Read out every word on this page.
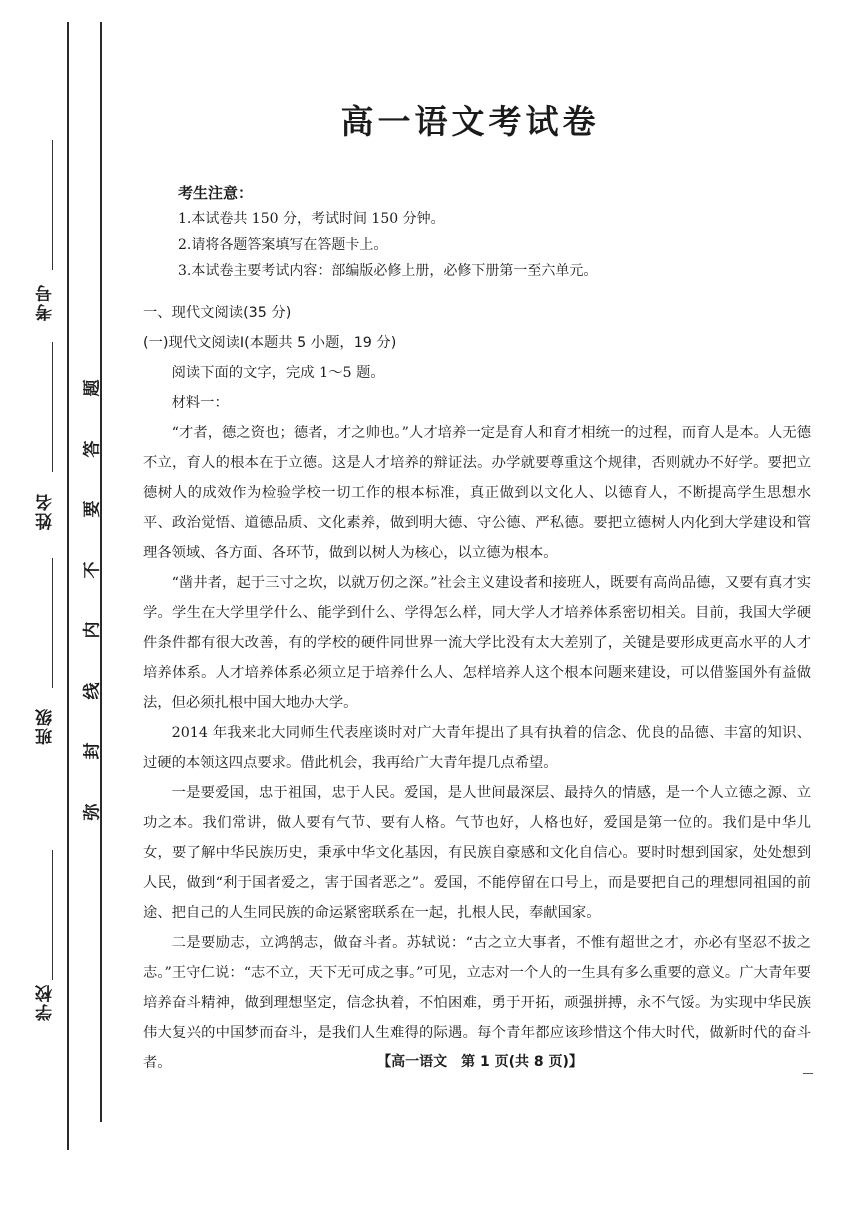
考号
姓名
班级
学校
题
答
要
不
内
线
封
弥
高一语文考试卷
考生注意：
1.本试卷共 150 分，考试时间 150 分钟。
2.请将各题答案填写在答题卡上。
3.本试卷主要考试内容：部编版必修上册，必修下册第一至六单元。

一、现代文阅读(35 分)

(一)现代文阅读Ⅰ(本题共 5 小题，19 分)

阅读下面的文字，完成 1～5 题。

材料一：

“才者，德之资也；德者，才之帅也。”人才培养一定是育人和育才相统一的过程，而育人是本。人无德不立，育人的根本在于立德。这是人才培养的辩证法。办学就要尊重这个规律，否则就办不好学。要把立德树人的成效作为检验学校一切工作的根本标准，真正做到以文化人、以德育人，不断提高学生思想水平、政治觉悟、道德品质、文化素养，做到明大德、守公德、严私德。要把立德树人内化到大学建设和管理各领域、各方面、各环节，做到以树人为核心，以立德为根本。

“凿井者，起于三寸之坎，以就万仞之深。”社会主义建设者和接班人，既要有高尚品德，又要有真才实学。学生在大学里学什么、能学到什么、学得怎么样，同大学人才培养体系密切相关。目前，我国大学硬件条件都有很大改善，有的学校的硬件同世界一流大学比没有太大差别了，关键是要形成更高水平的人才培养体系。人才培养体系必须立足于培养什么人、怎样培养人这个根本问题来建设，可以借鉴国外有益做法，但必须扎根中国大地办大学。

2014 年我来北大同师生代表座谈时对广大青年提出了具有执着的信念、优良的品德、丰富的知识、过硬的本领这四点要求。借此机会，我再给广大青年提几点希望。

一是要爱国，忠于祖国，忠于人民。爱国，是人世间最深层、最持久的情感，是一个人立德之源、立功之本。我们常讲，做人要有气节、要有人格。气节也好，人格也好，爱国是第一位的。我们是中华儿女，要了解中华民族历史，秉承中华文化基因，有民族自豪感和文化自信心。要时时想到国家，处处想到人民，做到“利于国者爱之，害于国者恶之”。爱国，不能停留在口号上，而是要把自己的理想同祖国的前途、把自己的人生同民族的命运紧密联系在一起，扎根人民，奉献国家。

二是要励志，立鸿鹄志，做奋斗者。苏轼说：“古之立大事者，不惟有超世之才，亦必有坚忍不拔之志。”王守仁说：“志不立，天下无可成之事。”可见，立志对一个人的一生具有多么重要的意义。广大青年要培养奋斗精神，做到理想坚定，信念执着，不怕困难，勇于开拓，顽强拼搏，永不气馁。为实现中华民族伟大复兴的中国梦而奋斗，是我们人生难得的际遇。每个青年都应该珍惜这个伟大时代，做新时代的奋斗者。	【高一语文　第 1 页(共 8 页)】
